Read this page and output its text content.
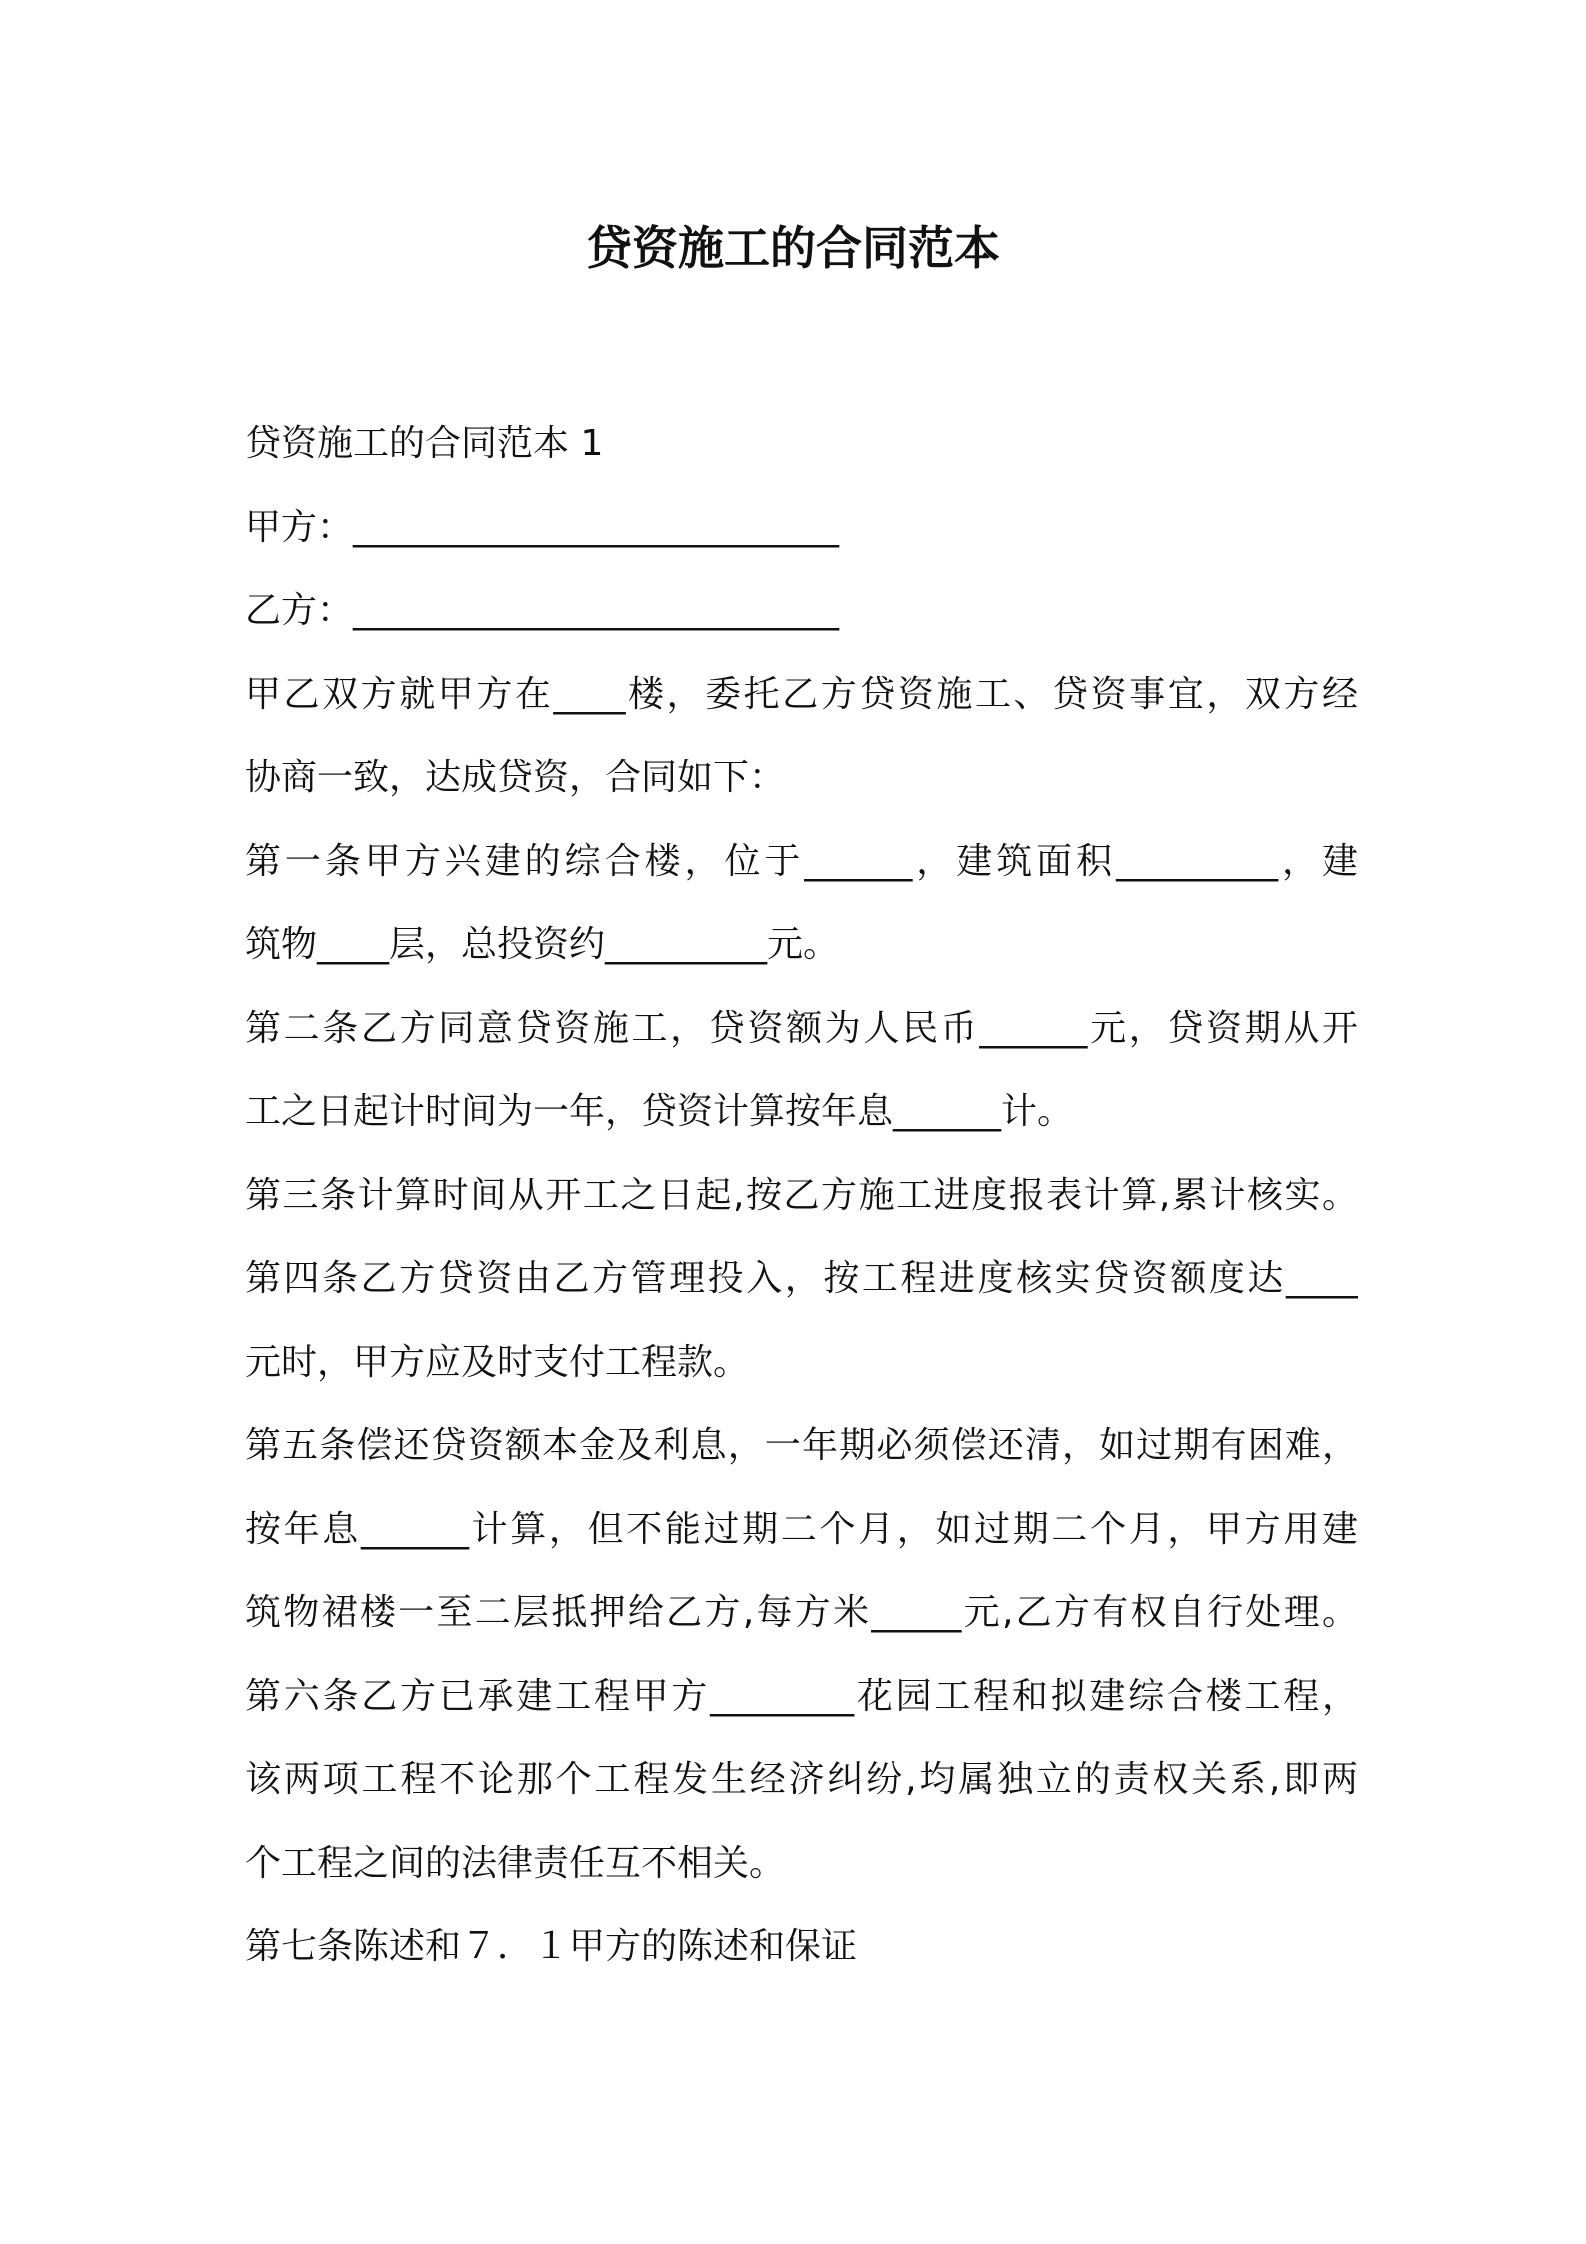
贷资施工的合同范本
贷资施工的合同范本 1
甲方：___________________________
乙方：___________________________
甲乙双方就甲方在____楼，委托乙方贷资施工、贷资事宜，双方经
协商一致，达成贷资，合同如下：
第一条甲方兴建的综合楼，位于______，建筑面积_________，建
筑物____层，总投资约_________元。
第二条乙方同意贷资施工，贷资额为人民币______元，贷资期从开
工之日起计时间为一年，贷资计算按年息______计。
第三条计算时间从开工之日起,按乙方施工进度报表计算,累计核实。
第四条乙方贷资由乙方管理投入，按工程进度核实贷资额度达____
元时，甲方应及时支付工程款。
第五条偿还贷资额本金及利息，一年期必须偿还清，如过期有困难，
按年息______计算，但不能过期二个月，如过期二个月，甲方用建
筑物裙楼一至二层抵押给乙方,每方米_____元,乙方有权自行处理。
第六条乙方已承建工程甲方________花园工程和拟建综合楼工程，
该两项工程不论那个工程发生经济纠纷,均属独立的责权关系,即两
个工程之间的法律责任互不相关。
第七条陈述和７．１甲方的陈述和保证
